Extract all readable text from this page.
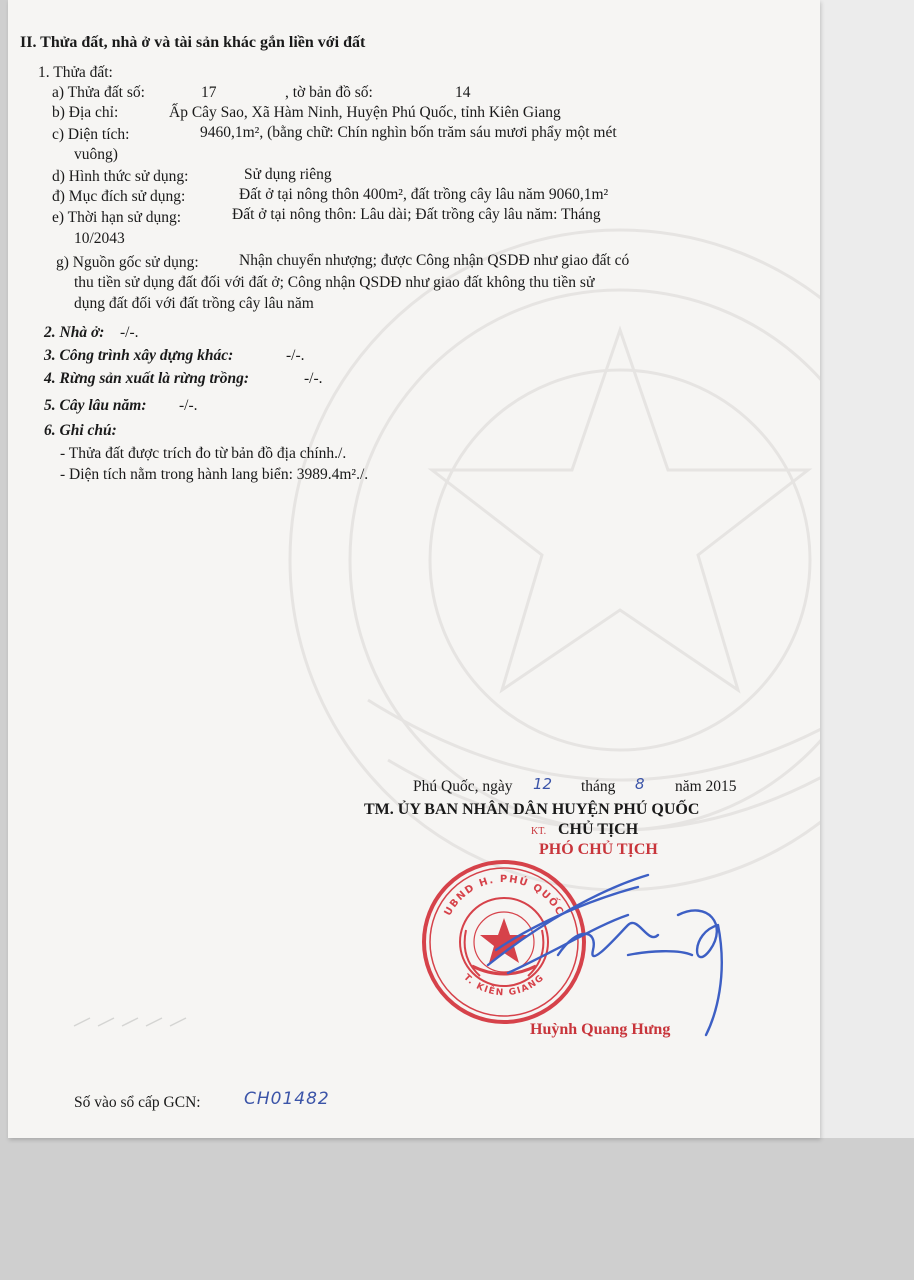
II. Thửa đất, nhà ở và tài sản khác gắn liền với đất
1. Thửa đất:
a) Thửa đất số:	17	, tờ bản đồ số:	14
b) Địa chỉ:	Ấp Cây Sao, Xã Hàm Ninh, Huyện Phú Quốc, tỉnh Kiên Giang
c) Diện tích:	9460,1m², (bằng chữ: Chín nghìn bốn trăm sáu mươi phẩy một mét
vuông)
d) Hình thức sử dụng:	Sử dụng riêng
đ) Mục đích sử dụng:	Đất ở tại nông thôn 400m², đất trồng cây lâu năm 9060,1m²
e) Thời hạn sử dụng:	Đất ở tại nông thôn: Lâu dài; Đất trồng cây lâu năm: Tháng
10/2043
g) Nguồn gốc sử dụng:	Nhận chuyển nhượng; được Công nhận QSDĐ như giao đất có
thu tiền sử dụng đất đối với đất ở; Công nhận QSDĐ như giao đất không thu tiền sử
dụng đất đối với đất trồng cây lâu năm
2. Nhà ở: -/-.
3. Công trình xây dựng khác:	-/-.
4. Rừng sản xuất là rừng trồng:	-/-.
5. Cây lâu năm: -/-.
6. Ghi chú:
- Thửa đất được trích đo từ bản đồ địa chính./.
- Diện tích nằm trong hành lang biển: 3989.4m²./.
Phú Quốc, ngày 12 tháng 8 năm 2015
TM. ỦY BAN NHÂN DÂN HUYỆN PHÚ QUỐC
KT. CHỦ TỊCH
PHÓ CHỦ TỊCH
UBND H. PHÚ QUỐC
T. KIÊN GIANG
Huỳnh Quang Hưng
Số vào sổ cấp GCN:	CH01482
